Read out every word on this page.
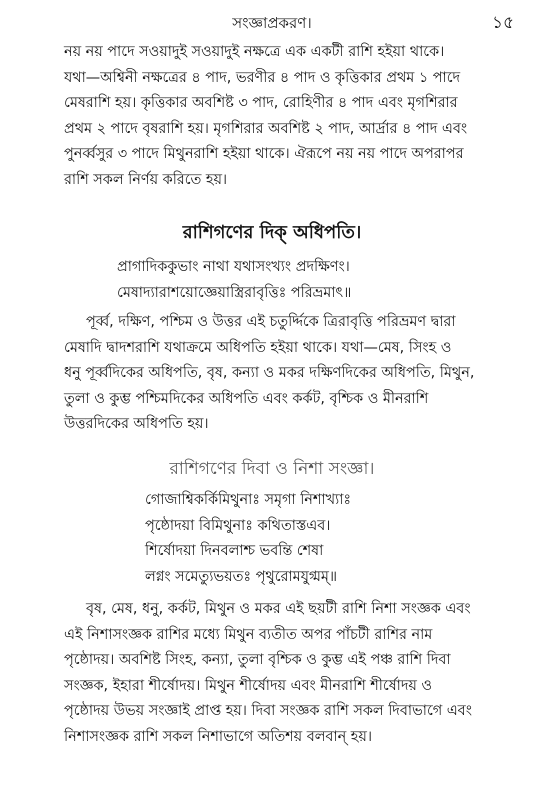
সংজ্ঞাপ্রকরণ।	১৫
নয় নয় পাদে সওয়াদুই সওয়াদুই নক্ষত্রে এক একটী রাশি হইয়া থাকে।
যথা—অশ্বিনী নক্ষত্রের ৪ পাদ, ভরণীর ৪ পাদ ও কৃত্তিকার প্রথম ১ পাদে
মেষরাশি হয়। কৃত্তিকার অবশিষ্ট ৩ পাদ, রোহিণীর ৪ পাদ এবং মৃগশিরার
প্রথম ২ পাদে বৃষরাশি হয়। মৃগশিরার অবশিষ্ট ২ পাদ, আর্দ্রার ৪ পাদ এবং
পুনর্ব্বসুর ৩ পাদে মিথুনরাশি হইয়া থাকে। ঐরূপে নয় নয় পাদে অপরাপর
রাশি সকল নির্ণয় করিতে হয়।
রাশিগণের দিক্ অধিপতি।
প্রাগাদিককুভাং নাথা যথাসংখ্যং প্রদক্ষিণং।
মেষাদ্যারাশয়োজ্ঞেয়াস্ত্রিরাবৃত্তিঃ পরিভ্রমাৎ॥
পূর্ব্ব, দক্ষিণ, পশ্চিম ও উত্তর এই চতুর্দ্দিকে ত্রিরাবৃত্তি পরিভ্রমণ দ্বারা
মেষাদি দ্বাদশরাশি যথাক্রমে অধিপতি হইয়া থাকে। যথা—মেষ, সিংহ ও
ধনু পূর্ব্বদিকের অধিপতি, বৃষ, কন্যা ও মকর দক্ষিণদিকের অধিপতি, মিথুন,
তুলা ও কুম্ভ পশ্চিমদিকের অধিপতি এবং কর্কট, বৃশ্চিক ও মীনরাশি
উত্তরদিকের অধিপতি হয়।
রাশিগণের দিবা ও নিশা সংজ্ঞা।
গোজাশ্বিকর্কিমিথুনাঃ সমৃগা নিশাখ্যাঃ
পৃষ্ঠোদয়া বিমিথুনাঃ কথিতাস্তএব।
শির্ষোদয়া দিনবলাশ্চ ভবন্তি শেষা
লগ্নং সমেত্যুভয়তঃ পৃথুরোমযুগ্মম্॥
বৃষ, মেষ, ধনু, কর্কট, মিথুন ও মকর এই ছয়টী রাশি নিশা সংজ্ঞক এবং
এই নিশাসংজ্ঞক রাশির মধ্যে মিথুন ব্যতীত অপর পাঁচটী রাশির নাম
পৃষ্ঠোদয়। অবশিষ্ট সিংহ, কন্যা, তুলা বৃশ্চিক ও কুম্ভ এই পঞ্চ রাশি দিবা
সংজ্ঞক, ইহারা শীর্ষোদয়। মিথুন শীর্ষোদয় এবং মীনরাশি শীর্ষোদয় ও
পৃষ্ঠোদয় উভয় সংজ্ঞাই প্রাপ্ত হয়। দিবা সংজ্ঞক রাশি সকল দিবাভাগে এবং
নিশাসংজ্ঞক রাশি সকল নিশাভাগে অতিশয় বলবান্ হয়।
